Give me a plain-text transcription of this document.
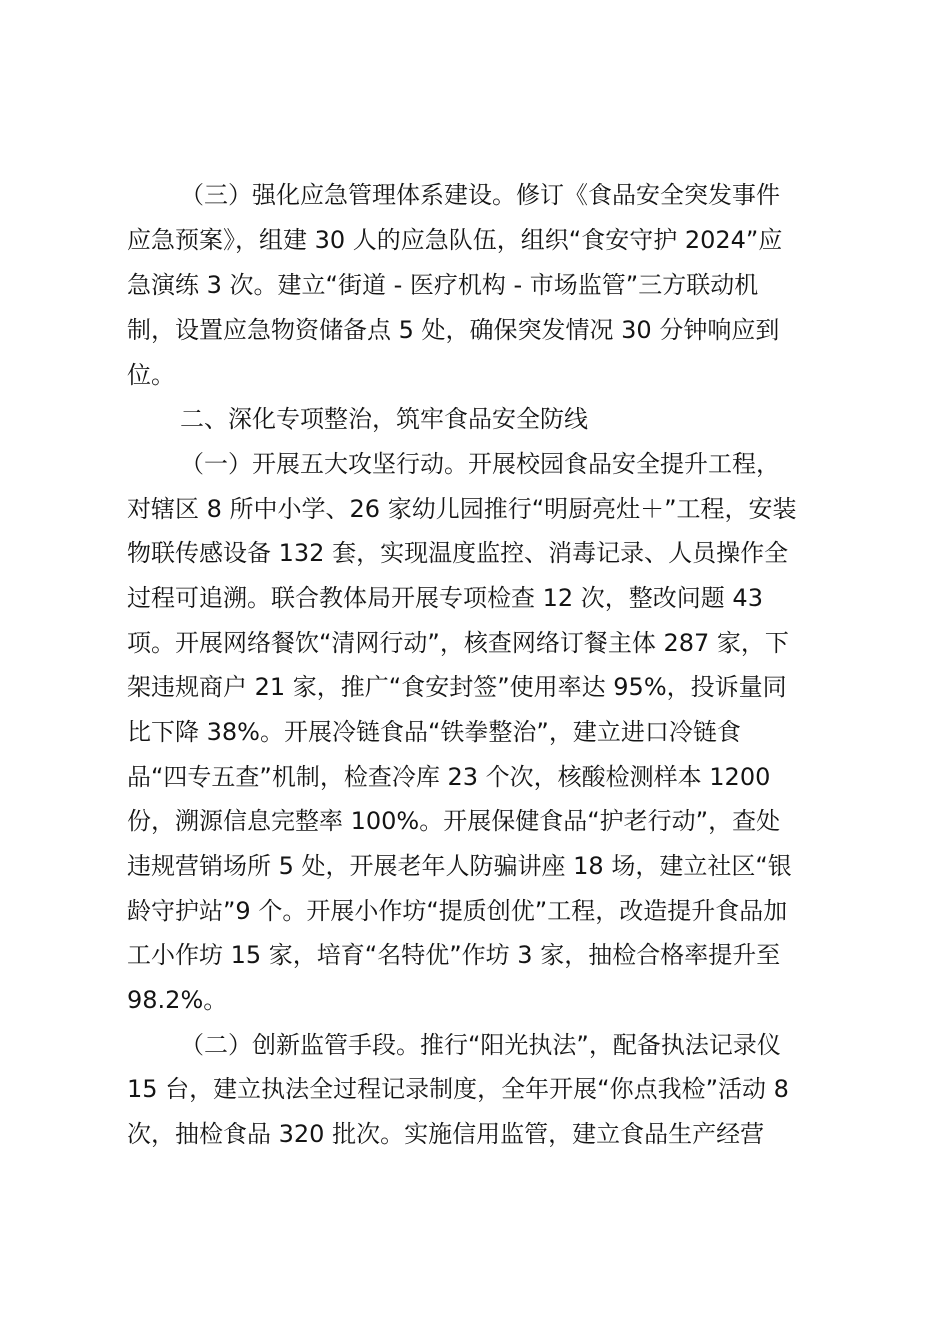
（三）强化应急管理体系建设。修订《食品安全突发事件

应急预案》，组建 30 人的应急队伍，组织“食安守护 2024”应

急演练 3 次。建立“街道 - 医疗机构 - 市场监管”三方联动机

制，设置应急物资储备点 5 处，确保突发情况 30 分钟响应到

位。

二、深化专项整治，筑牢食品安全防线

（一）开展五大攻坚行动。开展校园食品安全提升工程，

对辖区 8 所中小学、26 家幼儿园推行“明厨亮灶＋”工程，安装

物联传感设备 132 套，实现温度监控、消毒记录、人员操作全

过程可追溯。联合教体局开展专项检查 12 次，整改问题 43

项。开展网络餐饮“清网行动”，核查网络订餐主体 287 家，下

架违规商户 21 家，推广“食安封签”使用率达 95%，投诉量同

比下降 38%。开展冷链食品“铁拳整治”，建立进口冷链食

品“四专五查”机制，检查冷库 23 个次，核酸检测样本 1200

份，溯源信息完整率 100%。开展保健食品“护老行动”，查处

违规营销场所 5 处，开展老年人防骗讲座 18 场，建立社区“银

龄守护站”9 个。开展小作坊“提质创优”工程，改造提升食品加

工小作坊 15 家，培育“名特优”作坊 3 家，抽检合格率提升至

98.2%。

（二）创新监管手段。推行“阳光执法”，配备执法记录仪

15 台，建立执法全过程记录制度，全年开展“你点我检”活动 8

次，抽检食品 320 批次。实施信用监管，建立食品生产经营
